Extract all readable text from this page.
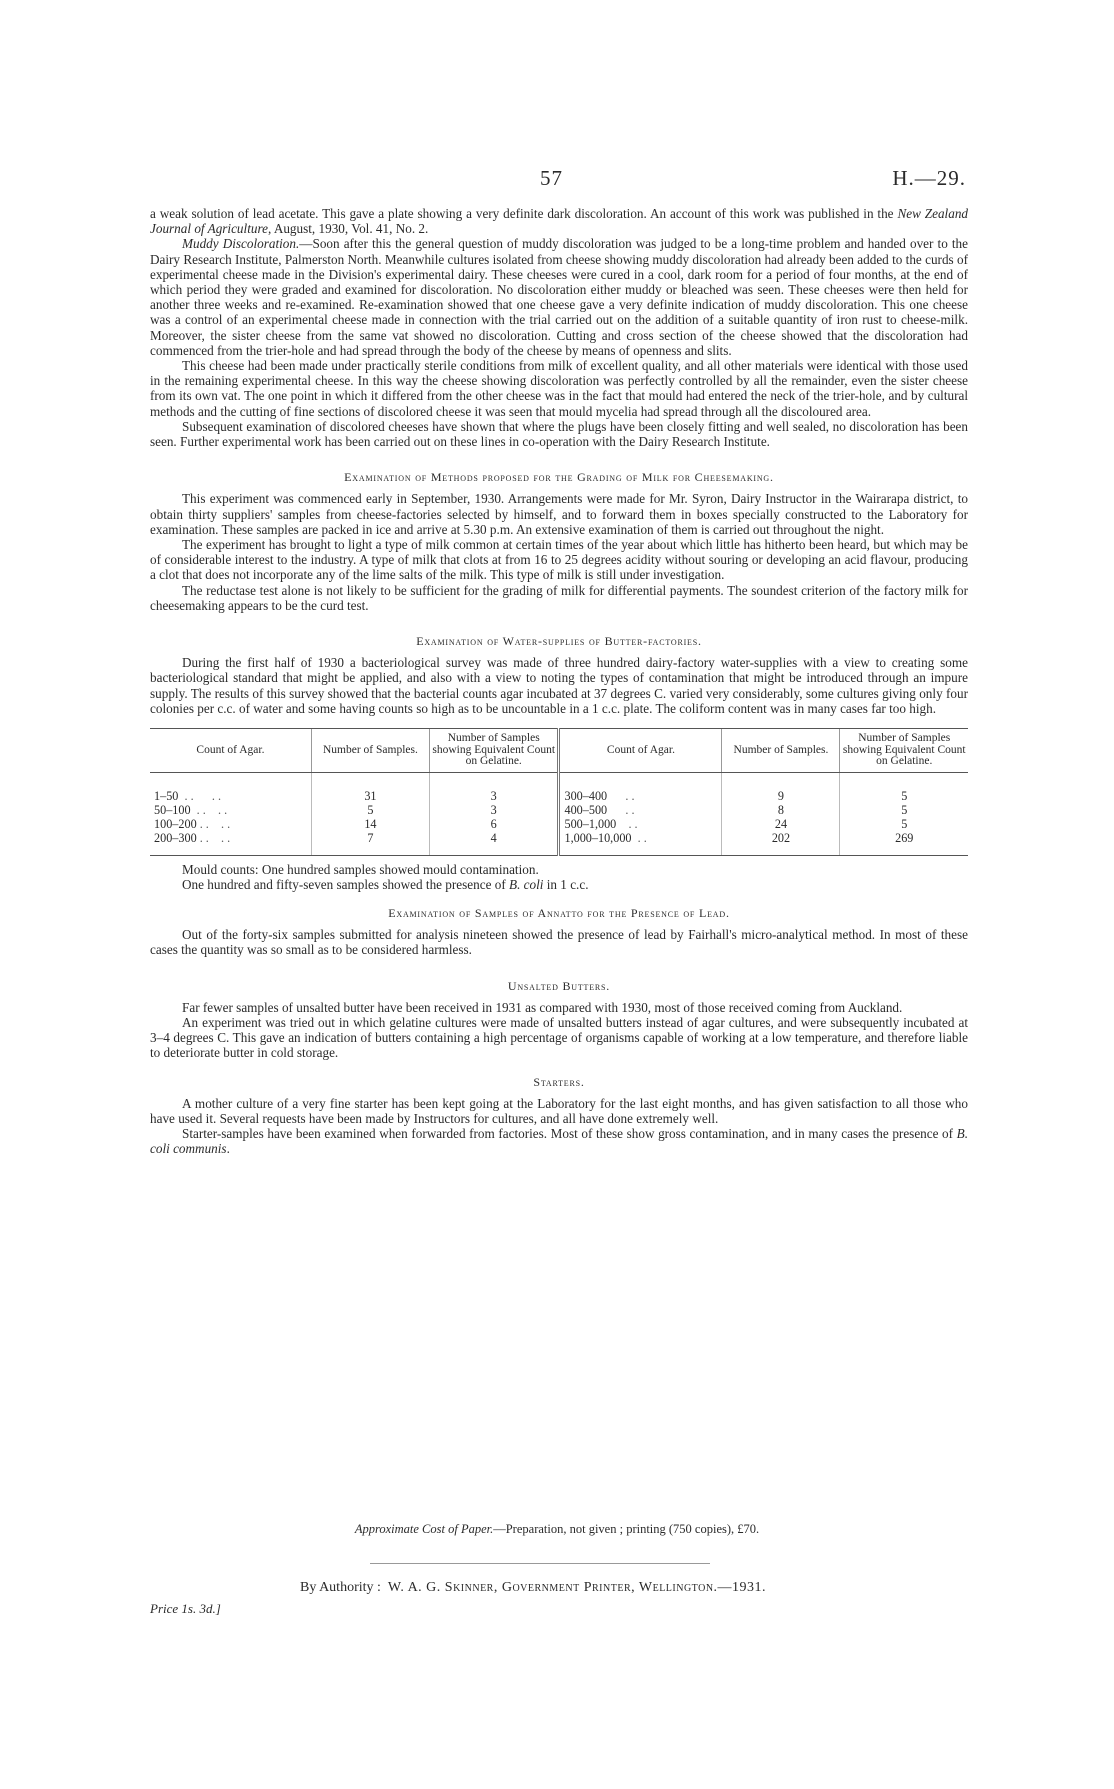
57	H.—29.

a weak solution of lead acetate. This gave a plate showing a very definite dark discoloration. An account of this work was published in the New Zealand Journal of Agriculture, August, 1930, Vol. 41, No. 2.

Muddy Discoloration.—Soon after this the general question of muddy discoloration was judged to be a long-time problem and handed over to the Dairy Research Institute, Palmerston North. Meanwhile cultures isolated from cheese showing muddy discoloration had already been added to the curds of experimental cheese made in the Division's experimental dairy. These cheeses were cured in a cool, dark room for a period of four months, at the end of which period they were graded and examined for discoloration. No discoloration either muddy or bleached was seen. These cheeses were then held for another three weeks and re-examined. Re-examination showed that one cheese gave a very definite indication of muddy discoloration. This one cheese was a control of an experimental cheese made in connection with the trial carried out on the addition of a suitable quantity of iron rust to cheese-milk. Moreover, the sister cheese from the same vat showed no discoloration. Cutting and cross section of the cheese showed that the discoloration had commenced from the trier-hole and had spread through the body of the cheese by means of openness and slits.

This cheese had been made under practically sterile conditions from milk of excellent quality, and all other materials were identical with those used in the remaining experimental cheese. In this way the cheese showing discoloration was perfectly controlled by all the remainder, even the sister cheese from its own vat. The one point in which it differed from the other cheese was in the fact that mould had entered the neck of the trier-hole, and by cultural methods and the cutting of fine sections of discolored cheese it was seen that mould mycelia had spread through all the discoloured area.

Subsequent examination of discolored cheeses have shown that where the plugs have been closely fitting and well sealed, no discoloration has been seen. Further experimental work has been carried out on these lines in co-operation with the Dairy Research Institute.

Examination of Methods proposed for the Grading of Milk for Cheesemaking.

This experiment was commenced early in September, 1930. Arrangements were made for Mr. Syron, Dairy Instructor in the Wairarapa district, to obtain thirty suppliers' samples from cheese-factories selected by himself, and to forward them in boxes specially constructed to the Laboratory for examination. These samples are packed in ice and arrive at 5.30 p.m. An extensive examination of them is carried out throughout the night.

The experiment has brought to light a type of milk common at certain times of the year about which little has hitherto been heard, but which may be of considerable interest to the industry. A type of milk that clots at from 16 to 25 degrees acidity without souring or developing an acid flavour, producing a clot that does not incorporate any of the lime salts of the milk. This type of milk is still under investigation.

The reductase test alone is not likely to be sufficient for the grading of milk for differential payments. The soundest criterion of the factory milk for cheesemaking appears to be the curd test.

Examination of Water-supplies of Butter-factories.

During the first half of 1930 a bacteriological survey was made of three hundred dairy-factory water-supplies with a view to creating some bacteriological standard that might be applied, and also with a view to noting the types of contamination that might be introduced through an impure supply. The results of this survey showed that the bacterial counts agar incubated at 37 degrees C. varied very considerably, some cultures giving only four colonies per c.c. of water and some having counts so high as to be uncountable in a 1 c.c. plate. The coliform content was in many cases far too high.

Count of Agar.	Number of Samples.	Number of Samples showing Equivalent Count on Gelatine.	Count of Agar.	Number of Samples.	Number of Samples showing Equivalent Count on Gelatine.

1–50 . . . .	31	3	300–400 . .	9	5
50–100 . . . .	5	3	400–500 . .	8	5
100–200 . . . .	14	6	500–1,000 . .	24	5
200–300 . . . .	7	4	1,000–10,000 . .	202	269

Mould counts: One hundred samples showed mould contamination.

One hundred and fifty-seven samples showed the presence of B. coli in 1 c.c.

Examination of Samples of Annatto for the Presence of Lead.

Out of the forty-six samples submitted for analysis nineteen showed the presence of lead by Fairhall's micro-analytical method. In most of these cases the quantity was so small as to be considered harmless.

Unsalted Butters.

Far fewer samples of unsalted butter have been received in 1931 as compared with 1930, most of those received coming from Auckland.

An experiment was tried out in which gelatine cultures were made of unsalted butters instead of agar cultures, and were subsequently incubated at 3–4 degrees C. This gave an indication of butters containing a high percentage of organisms capable of working at a low temperature, and therefore liable to deteriorate butter in cold storage.

Starters.

A mother culture of a very fine starter has been kept going at the Laboratory for the last eight months, and has given satisfaction to all those who have used it. Several requests have been made by Instructors for cultures, and all have done extremely well.

Starter-samples have been examined when forwarded from factories. Most of these show gross contamination, and in many cases the presence of B. coli communis.

Approximate Cost of Paper.—Preparation, not given ; printing (750 copies), £70.
By Authority : W. A. G. Skinner, Government Printer, Wellington.—1931.
Price 1s. 3d.]
